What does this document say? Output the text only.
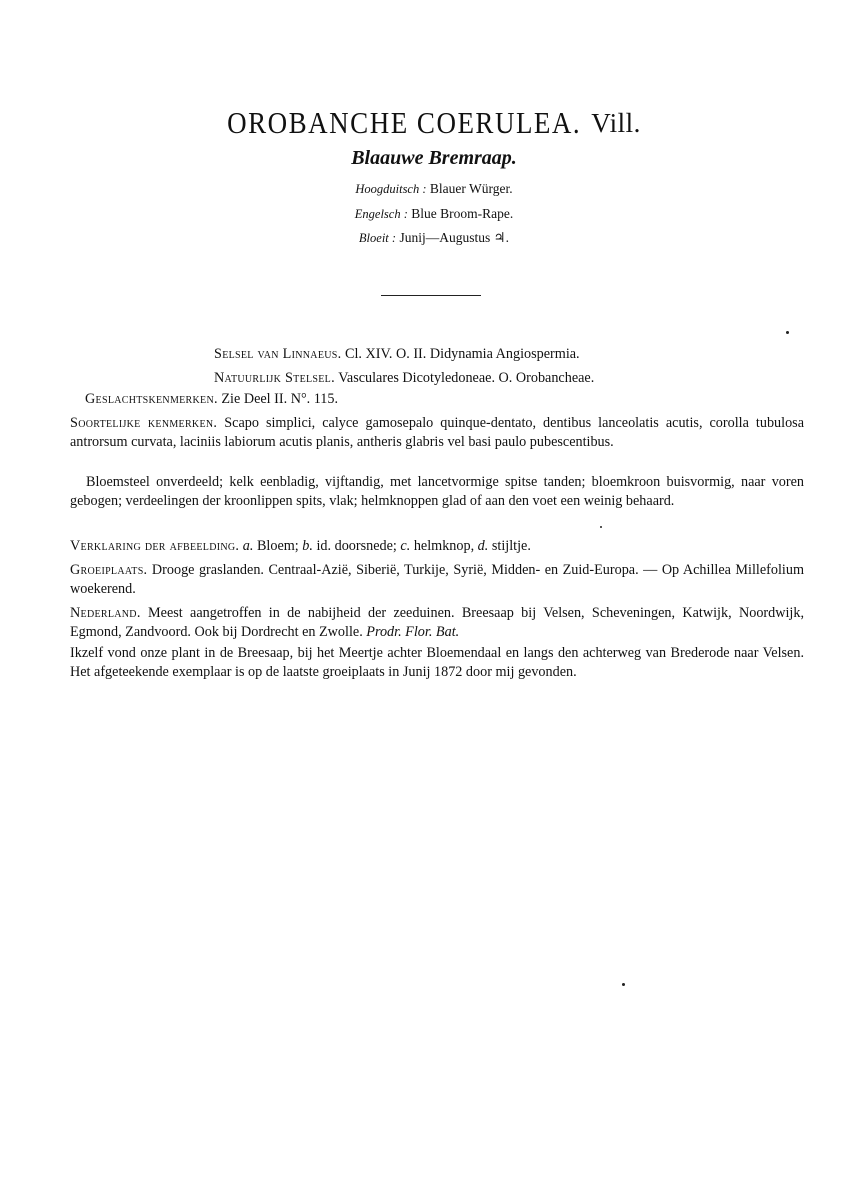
OROBANCHE COERULEA. Vill.
Blaauwe Bremraap.
Hoogduitsch : Blauer Würger.
Engelsch : Blue Broom-Rape.
Bloeit : Junij—Augustus ♃.
Selsel van Linnaeus. Cl. XIV. O. II. Didynamia Angiospermia.
Natuurlijk Stelsel. Vasculares Dicotyledoneae. O. Orobancheae.
Geslachtskenmerken. Zie Deel II. N°. 115.
Soortelijke kenmerken. Scapo simplici, calyce gamosepalo quinque-dentato, dentibus lanceolatis acutis, corolla tubulosa antrorsum curvata, laciniis labiorum acutis planis, antheris glabris vel basi paulo pubescentibus.
Bloemsteel onverdeeld; kelk eenbladig, vijftandig, met lancetvormige spitse tanden; bloemkroon buisvormig, naar voren gebogen; verdeelingen der kroonlippen spits, vlak; helmknoppen glad of aan den voet een weinig behaard.
Verklaring der afbeelding. a. Bloem; b. id. doorsnede; c. helmknop, d. stijltje.
Groeiplaats. Drooge graslanden. Centraal-Azië, Siberië, Turkije, Syrië, Midden- en Zuid-Europa. — Op Achillea Millefolium woekerend.
Nederland. Meest aangetroffen in de nabijheid der zeeduinen. Breesaap bij Velsen, Scheveningen, Katwijk, Noordwijk, Egmond, Zandvoord. Ook bij Dordrecht en Zwolle. Prodr. Flor. Bat.
Ikzelf vond onze plant in de Breesaap, bij het Meertje achter Bloemendaal en langs den achterweg van Brederode naar Velsen. Het afgeteekende exemplaar is op de laatste groeiplaats in Junij 1872 door mij gevonden.
